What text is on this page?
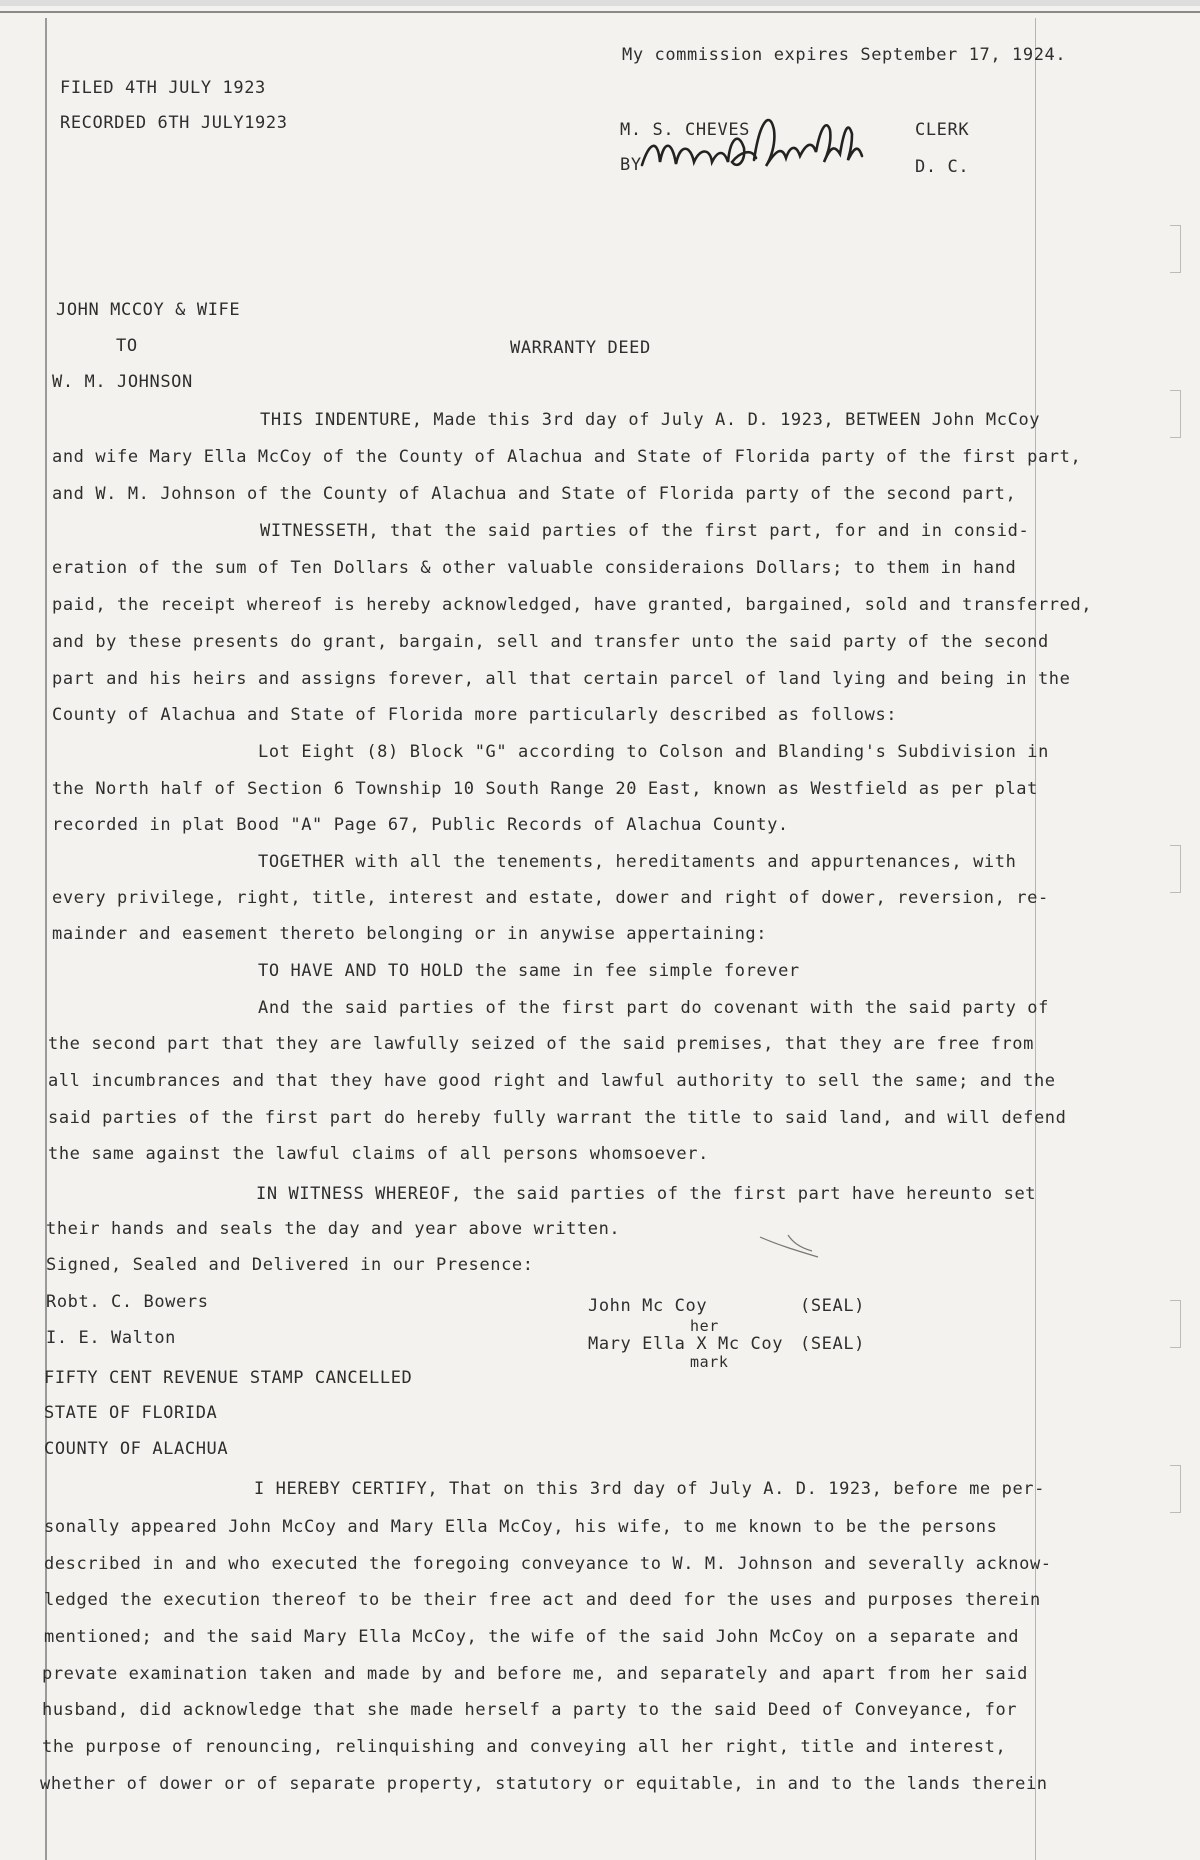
My commission expires September 17, 1924.
FILED 4TH JULY 1923
RECORDED 6TH JULY1923	M. S. CHEVES	CLERK
BY	D. C.
JOHN MCCOY & WIFE
TO	WARRANTY DEED
W. M. JOHNSON
THIS INDENTURE, Made this 3rd day of July A. D. 1923, BETWEEN John McCoy
and wife Mary Ella McCoy of the County of Alachua and State of Florida party of the first part,
and W. M. Johnson of the County of Alachua and State of Florida party of the second part,
WITNESSETH, that the said parties of the first part, for and in consid-
eration of the sum of Ten Dollars & other valuable consideraions Dollars; to them in hand
paid, the receipt whereof is hereby acknowledged, have granted, bargained, sold and transferred,
and by these presents do grant, bargain, sell and transfer unto the said party of the second
part and his heirs and assigns forever, all that certain parcel of land lying and being in the
County of Alachua and State of Florida more particularly described as follows:
Lot Eight (8) Block "G" according to Colson and Blanding's Subdivision in
the North half of Section 6 Township 10 South Range 20 East, known as Westfield as per plat
recorded in plat Bood "A" Page 67, Public Records of Alachua County.
TOGETHER with all the tenements, hereditaments and appurtenances, with
every privilege, right, title, interest and estate, dower and right of dower, reversion, re-
mainder and easement thereto belonging or in anywise appertaining:
TO HAVE AND TO HOLD the same in fee simple forever
And the said parties of the first part do covenant with the said party of
the second part that they are lawfully seized of the said premises, that they are free from
all incumbrances and that they have good right and lawful authority to sell the same; and the
said parties of the first part do hereby fully warrant the title to said land, and will defend
the same against the lawful claims of all persons whomsoever.
IN WITNESS WHEREOF, the said parties of the first part have hereunto set
their hands and seals the day and year above written.
Signed, Sealed and Delivered in our Presence:
Robt. C. Bowers
I. E. Walton
John Mc Coy	(SEAL)
her
Mary Ella X Mc Coy (SEAL)
mark
FIFTY CENT REVENUE STAMP CANCELLED
STATE OF FLORIDA
COUNTY OF ALACHUA
I HEREBY CERTIFY, That on this 3rd day of July A. D. 1923, before me per-
sonally appeared John McCoy and Mary Ella McCoy, his wife, to me known to be the persons
described in and who executed the foregoing conveyance to W. M. Johnson and severally acknow-
ledged the execution thereof to be their free act and deed for the uses and purposes therein
mentioned; and the said Mary Ella McCoy, the wife of the said John McCoy on a separate and
prevate examination taken and made by and before me, and separately and apart from her said
husband, did acknowledge that she made herself a party to the said Deed of Conveyance, for
the purpose of renouncing, relinquishing and conveying all her right, title and interest,
whether of dower or of separate property, statutory or equitable, in and to the lands therein
